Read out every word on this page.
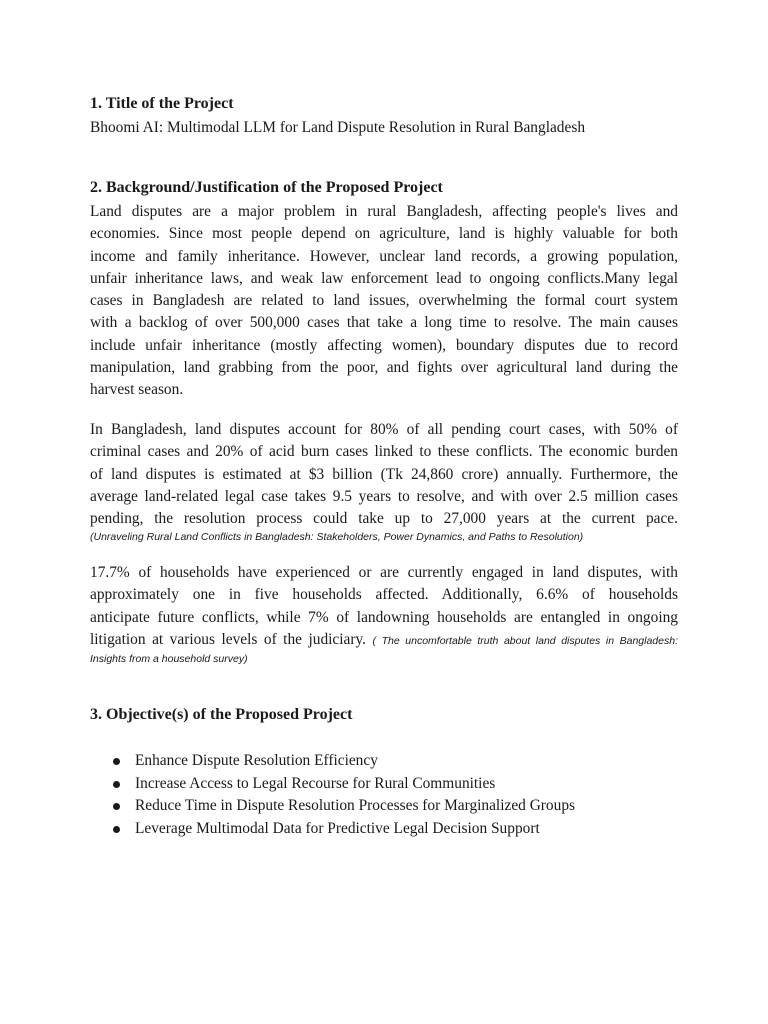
1. Title of the Project
Bhoomi AI: Multimodal LLM for Land Dispute Resolution in Rural Bangladesh
2. Background/Justification of the Proposed Project
Land disputes are a major problem in rural Bangladesh, affecting people's lives and
economies. Since most people depend on agriculture, land is highly valuable for both
income and family inheritance. However, unclear land records, a growing population,
unfair inheritance laws, and weak law enforcement lead to ongoing conflicts.Many legal
cases in Bangladesh are related to land issues, overwhelming the formal court system
with a backlog of over 500,000 cases that take a long time to resolve. The main causes
include unfair inheritance (mostly affecting women), boundary disputes due to record
manipulation, land grabbing from the poor, and fights over agricultural land during the
harvest season.
In Bangladesh, land disputes account for 80% of all pending court cases, with 50% of
criminal cases and 20% of acid burn cases linked to these conflicts. The economic burden
of land disputes is estimated at $3 billion (Tk 24,860 crore) annually. Furthermore, the
average land-related legal case takes 9.5 years to resolve, and with over 2.5 million cases
pending, the resolution process could take up to 27,000 years at the current pace.
(Unraveling Rural Land Conflicts in Bangladesh: Stakeholders, Power Dynamics, and Paths to Resolution)
17.7% of households have experienced or are currently engaged in land disputes, with
approximately one in five households affected. Additionally, 6.6% of households
anticipate future conflicts, while 7% of landowning households are entangled in ongoing
litigation at various levels of the judiciary. ( The uncomfortable truth about land disputes in Bangladesh:
Insights from a household survey)
3. Objective(s) of the Proposed Project
Enhance Dispute Resolution Efficiency
Increase Access to Legal Recourse for Rural Communities
Reduce Time in Dispute Resolution Processes for Marginalized Groups
Leverage Multimodal Data for Predictive Legal Decision Support
